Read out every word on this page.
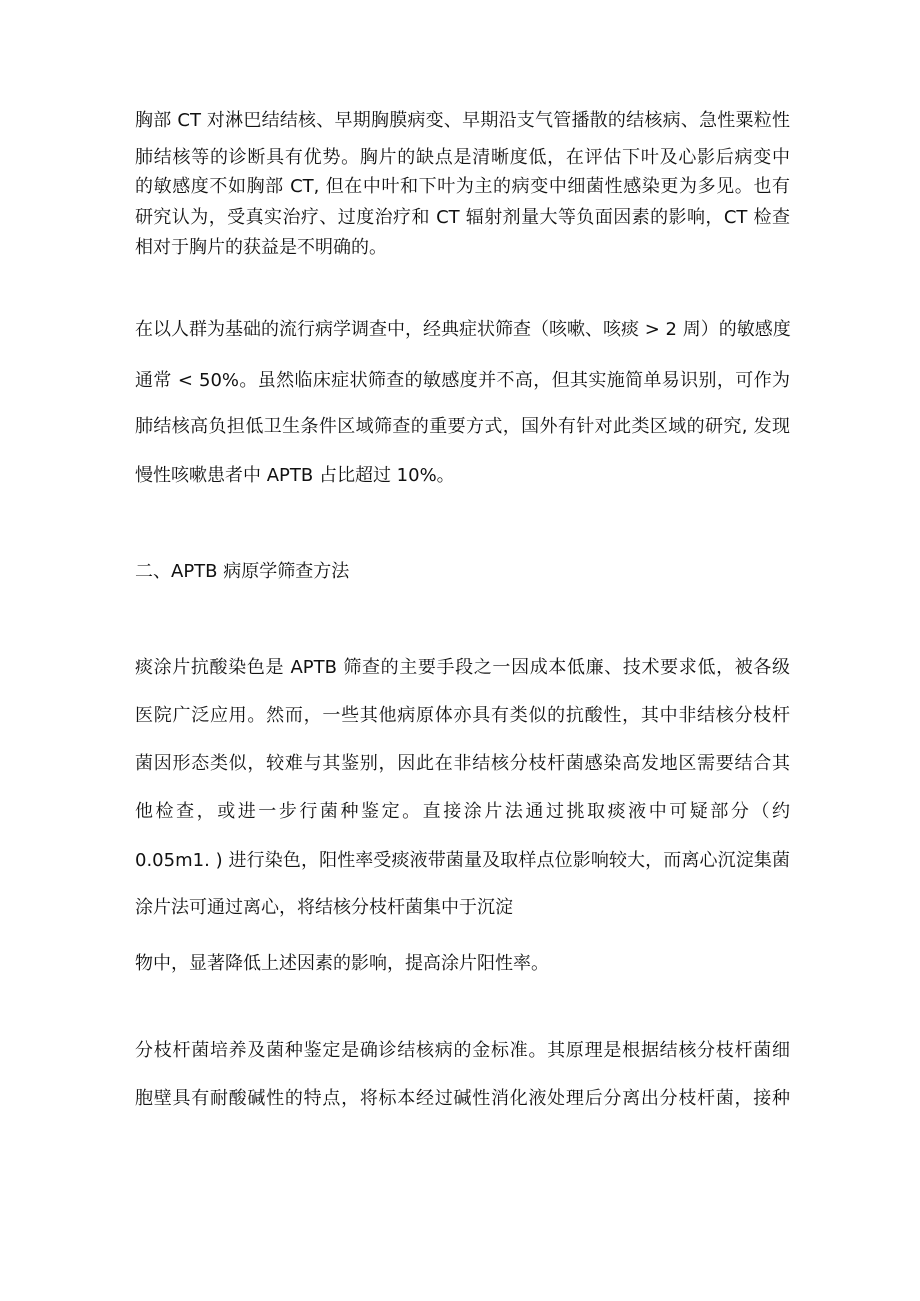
胸部 CT 对淋巴结结核、早期胸膜病变、早期沿支气管播散的结核病、急性粟粒性
肺结核等的诊断具有优势。胸片的缺点是清晰度低，在评估下叶及心影后病变中
的敏感度不如胸部 CT, 但在中叶和下叶为主的病变中细菌性感染更为多见。也有
研究认为，受真实治疗、过度治疗和 CT 辐射剂量大等负面因素的影响，CT 检查
相对于胸片的获益是不明确的。
在以人群为基础的流行病学调查中，经典症状筛查（咳嗽、咳痰 > 2 周）的敏感度
通常 < 50%。虽然临床症状筛查的敏感度并不高，但其实施简单易识别，可作为
肺结核高负担低卫生条件区域筛查的重要方式，国外有针对此类区域的研究, 发现
慢性咳嗽患者中 APTB 占比超过 10%。
二、APTB 病原学筛查方法
痰涂片抗酸染色是 APTB 筛查的主要手段之一因成本低廉、技术要求低，被各级
医院广泛应用。然而，一些其他病原体亦具有类似的抗酸性，其中非结核分枝杆
菌因形态类似，较难与其鉴别，因此在非结核分枝杆菌感染高发地区需要结合其
他检查，或进一步行菌种鉴定。直接涂片法通过挑取痰液中可疑部分（约
0.05m1. ) 进行染色，阳性率受痰液带菌量及取样点位影响较大，而离心沉淀集菌
涂片法可通过离心，将结核分枝杆菌集中于沉淀
物中，显著降低上述因素的影响，提高涂片阳性率。
分枝杆菌培养及菌种鉴定是确诊结核病的金标准。其原理是根据结核分枝杆菌细
胞壁具有耐酸碱性的特点，将标本经过碱性消化液处理后分离出分枝杆菌，接种
